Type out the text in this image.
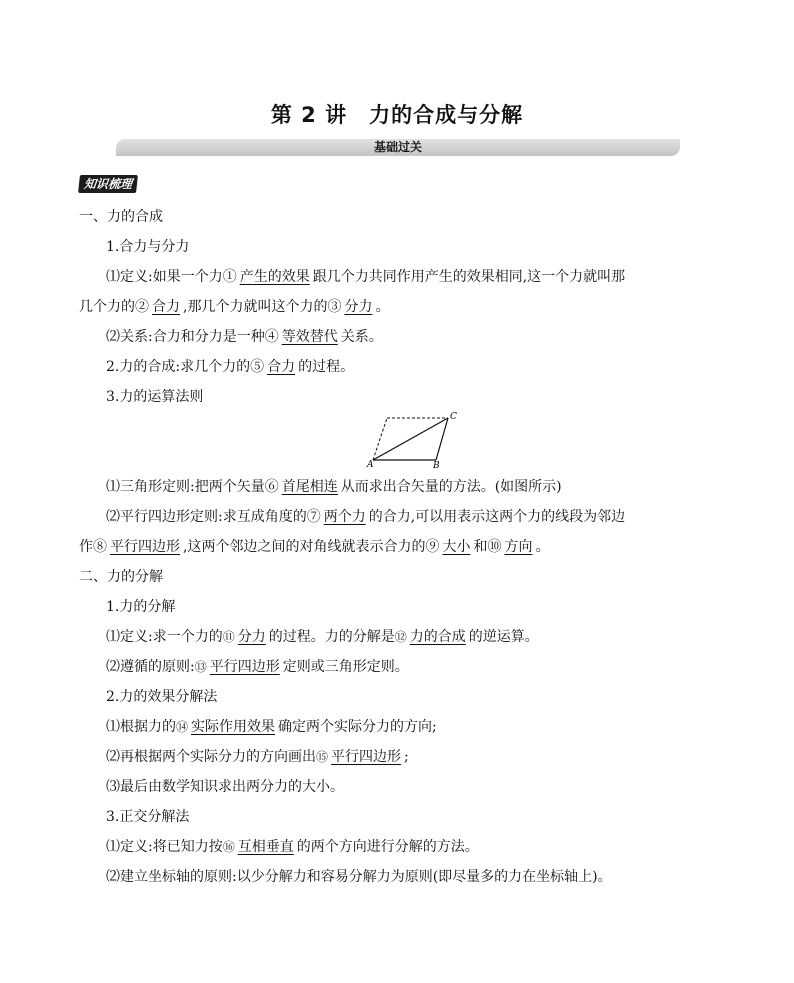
第 2 讲　力的合成与分解
基础过关
知识梳理
一、力的合成
1.合力与分力
⑴定义:如果一个力① 产生的效果 跟几个力共同作用产生的效果相同,这一个力就叫那
几个力的② 合力 ,那几个力就叫这个力的③ 分力 。
⑵关系:合力和分力是一种④ 等效替代 关系。
2.力的合成:求几个力的⑤ 合力 的过程。
3.力的运算法则
A	B
C
⑴三角形定则:把两个矢量⑥ 首尾相连 从而求出合矢量的方法。(如图所示)
⑵平行四边形定则:求互成角度的⑦ 两个力 的合力,可以用表示这两个力的线段为邻边
作⑧ 平行四边形 ,这两个邻边之间的对角线就表示合力的⑨ 大小 和⑩ 方向 。
二、力的分解
1.力的分解
⑴定义:求一个力的⑪ 分力 的过程。力的分解是⑫ 力的合成 的逆运算。
⑵遵循的原则:⑬ 平行四边形 定则或三角形定则。
2.力的效果分解法
⑴根据力的⑭ 实际作用效果 确定两个实际分力的方向;
⑵再根据两个实际分力的方向画出⑮ 平行四边形 ;
⑶最后由数学知识求出两分力的大小。
3.正交分解法
⑴定义:将已知力按⑯ 互相垂直 的两个方向进行分解的方法。
⑵建立坐标轴的原则:以少分解力和容易分解力为原则(即尽量多的力在坐标轴上)。
